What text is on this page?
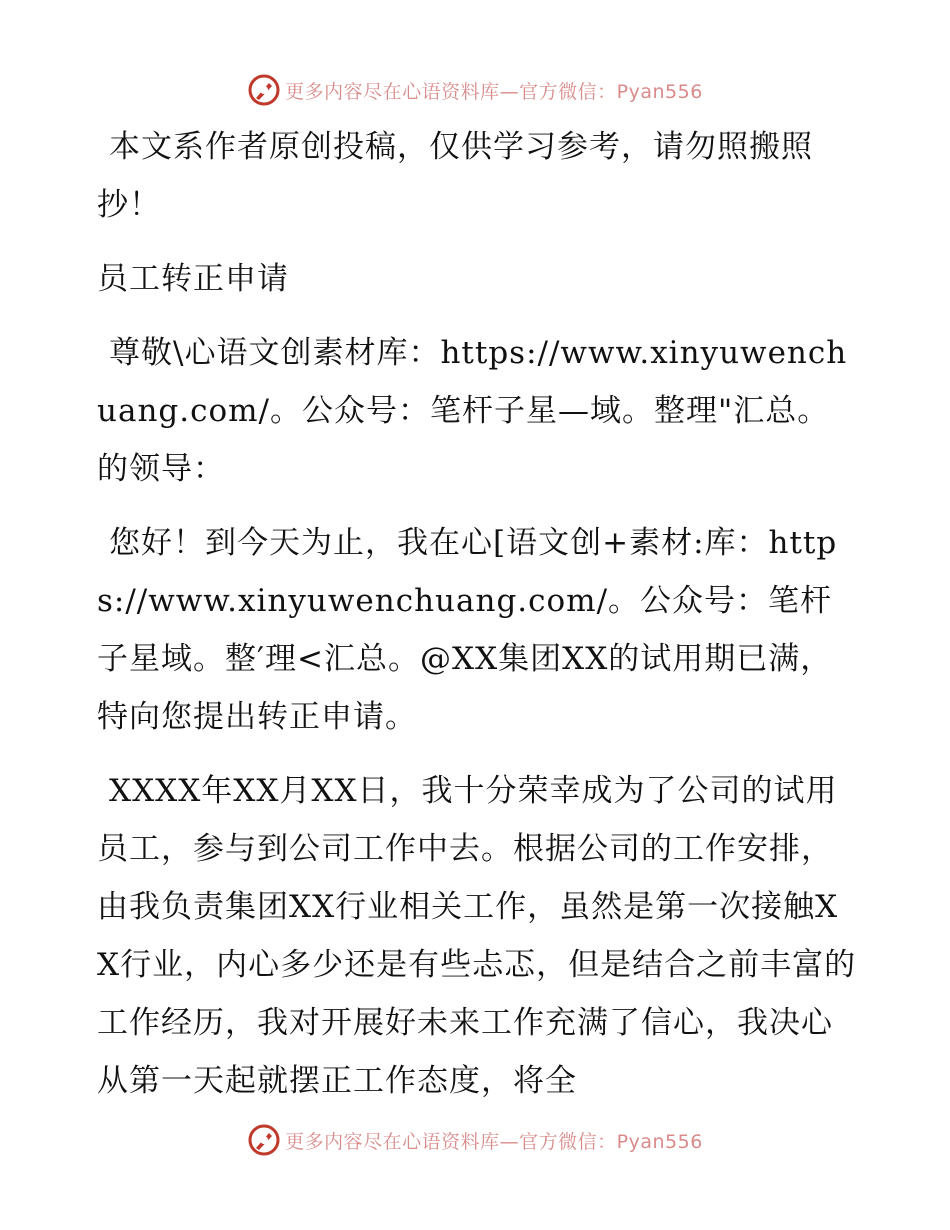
更多内容尽在心语资料库—官方微信：Pyan556

本文系作者原创投稿，仅供学习参考，请勿照搬照抄！

员工转正申请

尊敬\心语文创素材库：https://www.xinyuwenchuang.com/。公众号：笔杆子星—域。整理"汇总。的领导：

您好！到今天为止，我在心[语文创+素材:库：https://www.xinyuwenchuang.com/。公众号：笔杆子星域。整′理<汇总。@XX集团XX的试用期已满，特向您提出转正申请。

XXXX年XX月XX日，我十分荣幸成为了公司的试用员工，参与到公司工作中去。根据公司的工作安排，由我负责集团XX行业相关工作，虽然是第一次接触XX行业，内心多少还是有些忐忑，但是结合之前丰富的工作经历，我对开展好未来工作充满了信心，我决心从第一天起就摆正工作态度，将全

更多内容尽在心语资料库—官方微信：Pyan556
